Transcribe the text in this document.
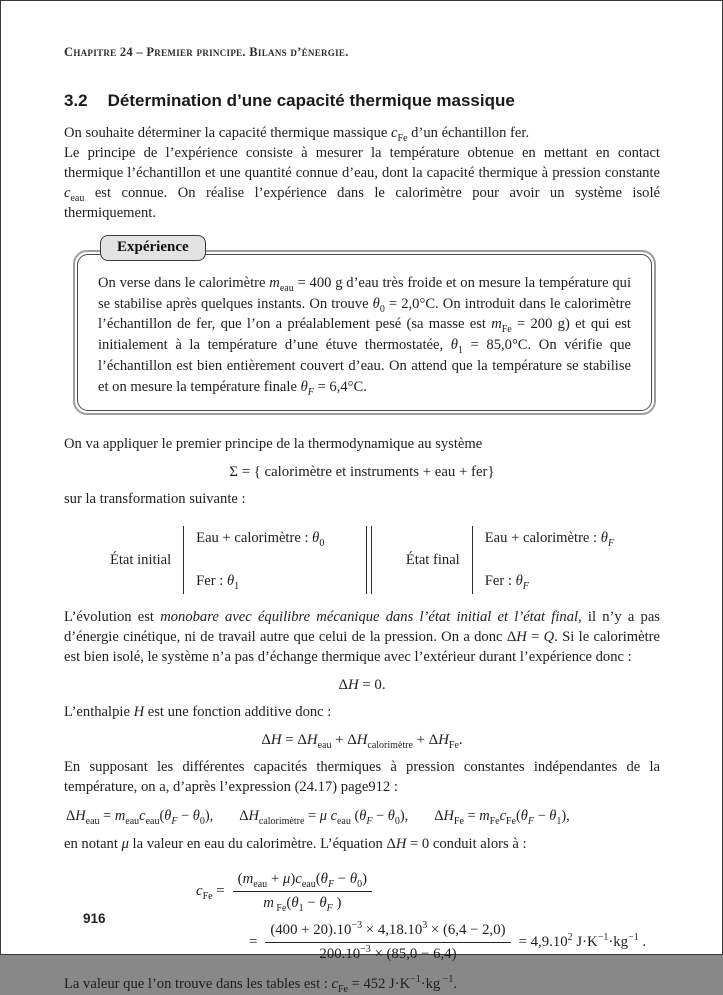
Chapitre 24 – Premier principe. Bilans d’énergie.
3.2 Détermination d’une capacité thermique massique

On souhaite déterminer la capacité thermique massique $c_{Fe}$ d’un échantillon fer.

Le principe de l’expérience consiste à mesurer la température obtenue en mettant en contact thermique l’échantillon et une quantité connue d’eau, dont la capacité thermique à pression constante $c_{eau}$ est connue. On réalise l’expérience dans le calorimètre pour avoir un système isolé thermiquement.

On verse dans le calorimètre $m_{eau} = 400$ g d’eau très froide et on mesure la température qui se stabilise après quelques instants. On trouve $\theta_0 = 2,0^\circ C$. On introduit dans le calorimètre l’échantillon de fer, que l’on a préalablement pesé (sa masse est $m_{Fe} = 200$ g) et qui est initialement à la température d’une étuve thermostatée, $\theta_1 = 85,0^\circ C$. On vérifie que l’échantillon est bien entièrement couvert d’eau. On attend que la température se stabilise et on mesure la température finale $\theta_F = 6,4^\circ C$.

Expérience

On va appliquer le premier principe de la thermodynamique au système

Σ = { calorimètre et instruments + eau + fer}

sur la transformation suivante :

État initial
Eau + calorimètre : $\theta_0$
Fer : $\theta_1$
État final
Eau + calorimètre : $\theta_F$
Fer : $\theta_F$

L’évolution est monobare avec équilibre mécanique dans l’état initial et l’état final, il n’y a pas d’énergie cinétique, ni de travail autre que celui de la pression. On a donc ΔH = Q. Si le calorimètre est bien isolé, le système n’a pas d’échange thermique avec l’extérieur durant l’expérience donc :

ΔH = 0.

L’enthalpie H est une fonction additive donc :

$\Delta H = \Delta H_{eau} + \Delta H_{calorimètre} + \Delta H_{Fe}$.

En supposant les différentes capacités thermiques à pression constantes indépendantes de la température, on a, d’après l’expression (24.17) page912 :

$\Delta H_{eau} = m_{eau}c_{eau}(\theta_F - \theta_0)$, $\Delta H_{calorimètre} = \mu$ $c_{eau}$ $(\theta_F - \theta_0)$, $\Delta H_{Fe} = m_{Fe}c_{Fe}(\theta_F - \theta_1)$,

en notant μ la valeur en eau du calorimètre. L’équation ΔH = 0 conduit alors à :

$c_{Fe} = \frac{(m_{eau} + \mu)c_{eau}(\theta_F - \theta_0)}{m _{Fe}(\theta_1 - \theta_F )}$
= $\frac{(400 + 20).10^{-3} \times 4,18.10^3 \times (6,4 - 2,0)}{200.10^{-3} \times (85,0 - 6,4)} = 4,9.10^2$ $J\cdot K^{-1}\cdot kg^{-1}$ .

La valeur que l’on trouve dans les tables est : $c_{Fe} = 452$ $J\cdot K^{-1}\cdot kg$ $^{-1}$.

916
